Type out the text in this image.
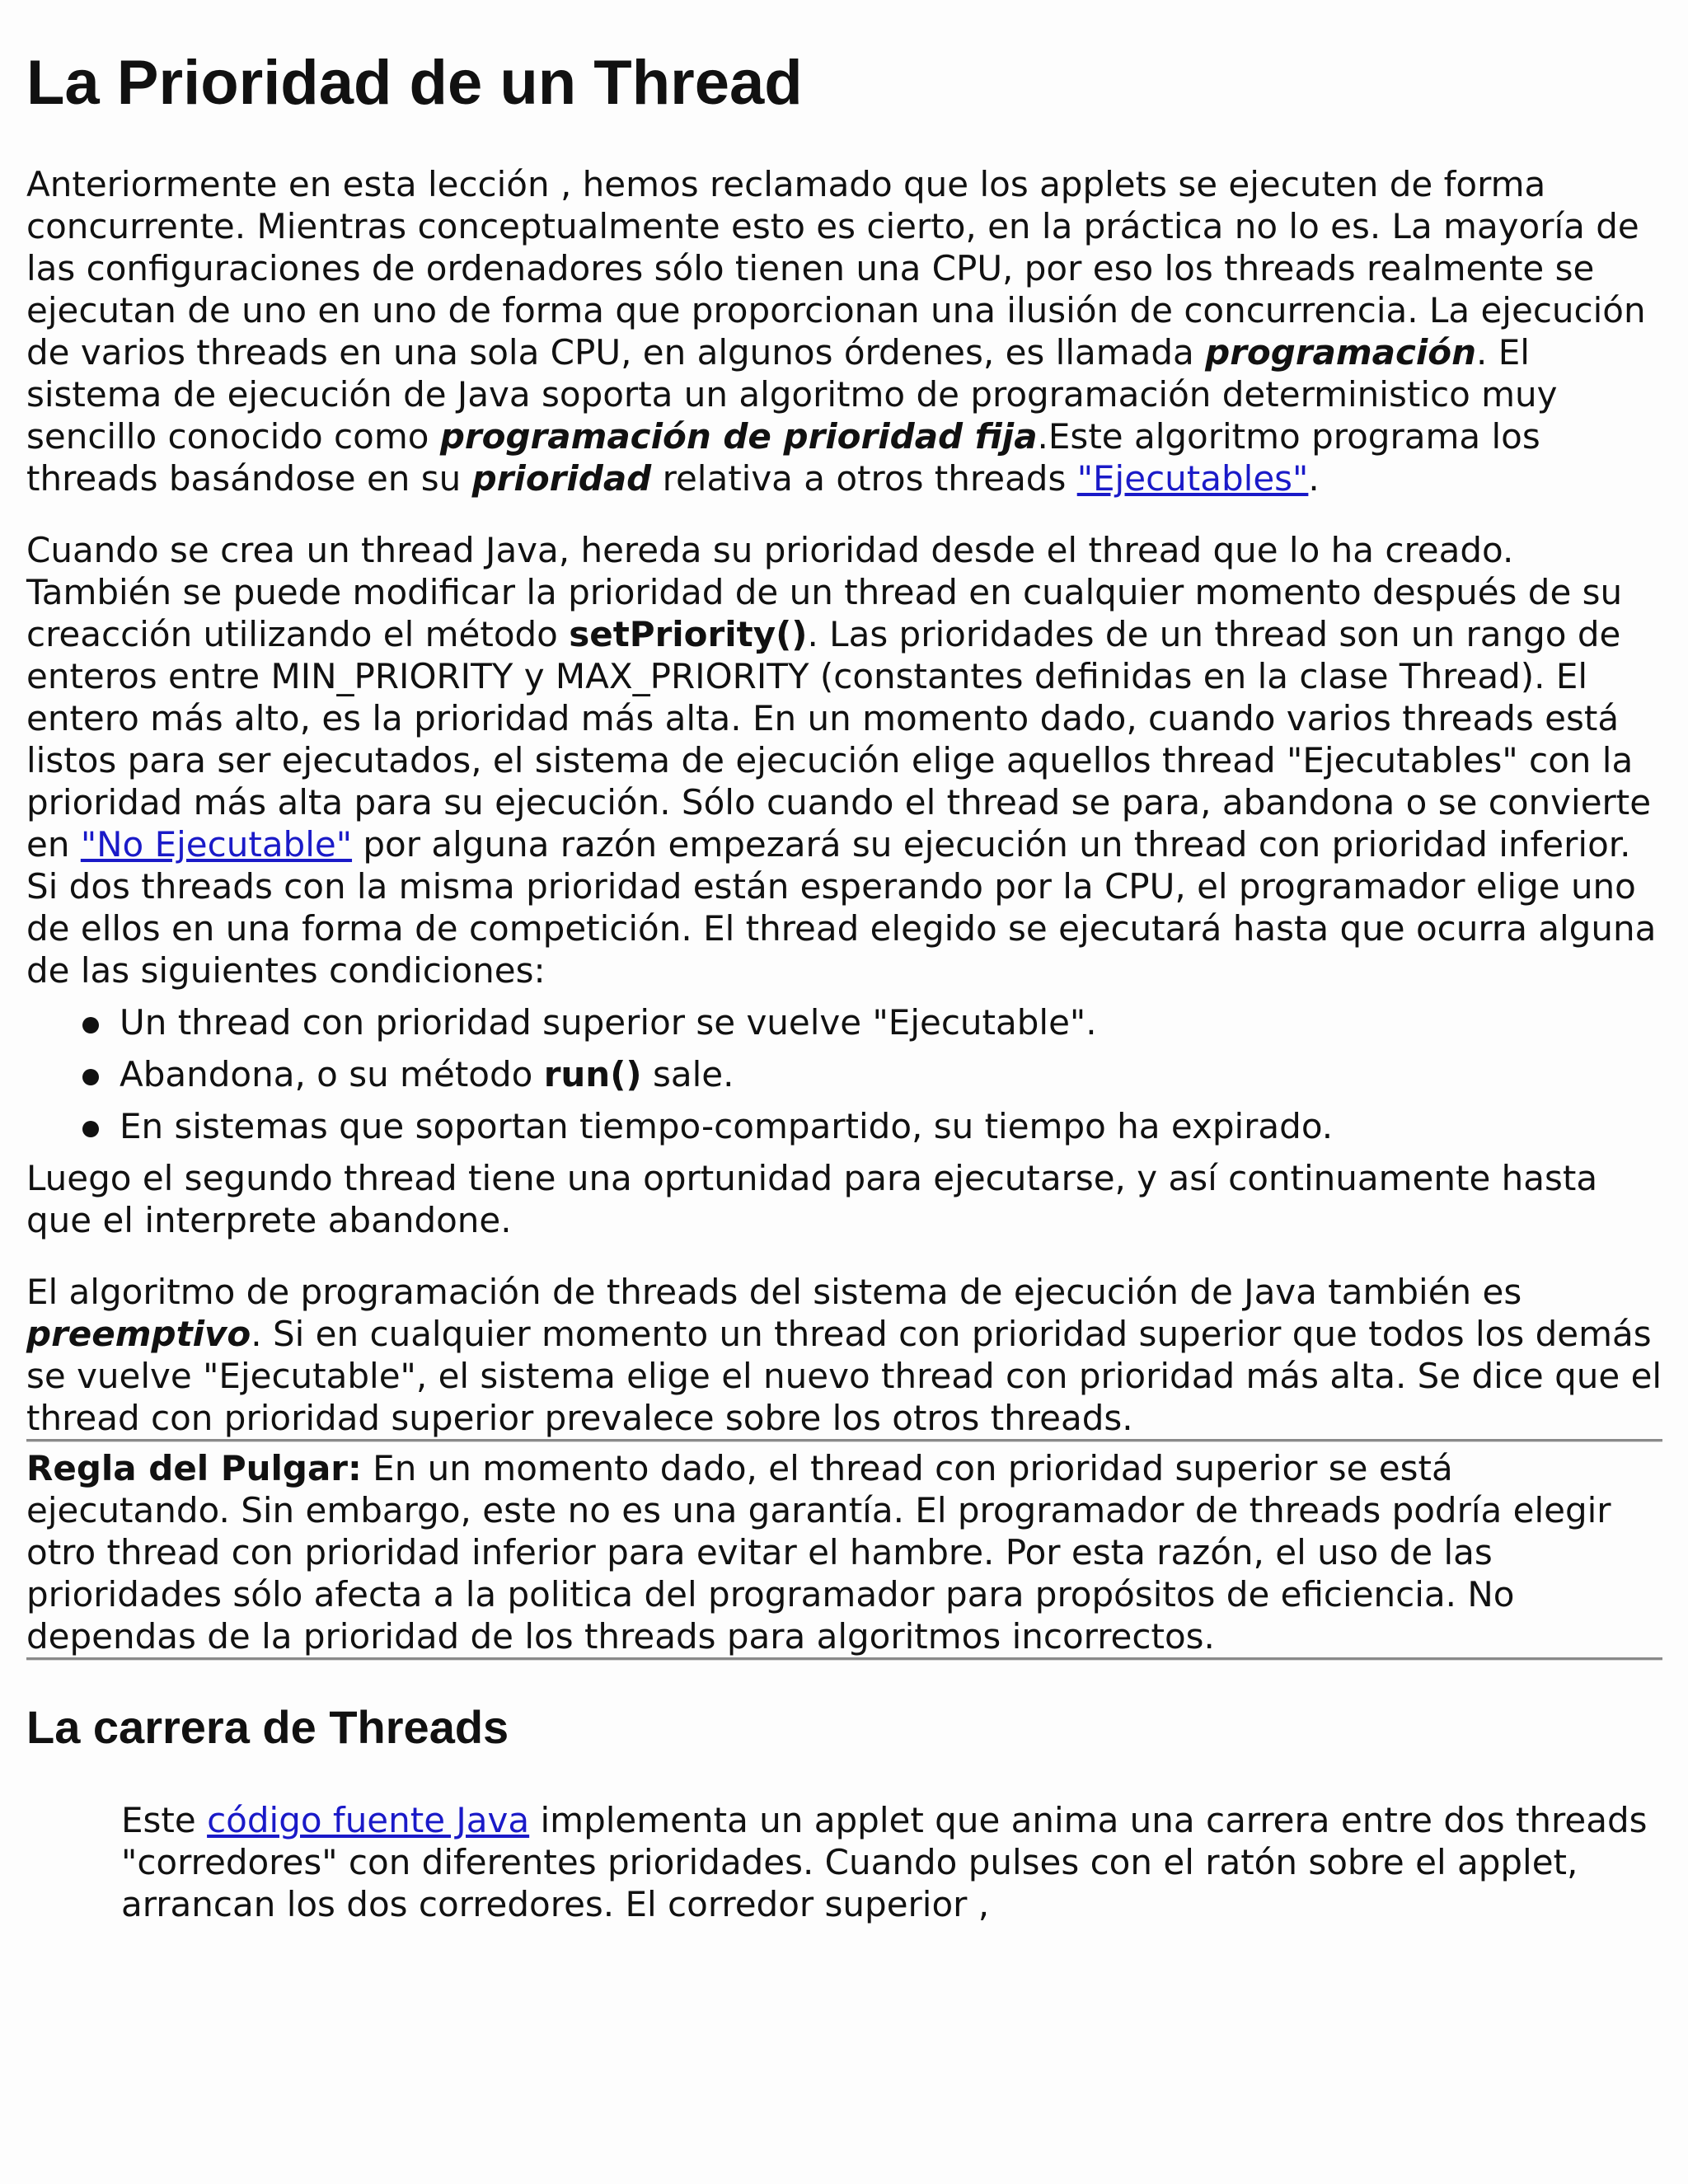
La Prioridad de un Thread

Anteriormente en esta lección , hemos reclamado que los applets se ejecuten de forma concurrente. Mientras conceptualmente esto es cierto, en la práctica no lo es. La mayoría de las configuraciones de ordenadores sólo tienen una CPU, por eso los threads realmente se ejecutan de uno en uno de forma que proporcionan una ilusión de concurrencia. La ejecución de varios threads en una sola CPU, en algunos órdenes, es llamada programación. El sistema de ejecución de Java soporta un algoritmo de programación deterministico muy sencillo conocido como programación de prioridad fija.Este algoritmo programa los threads basándose en su prioridad relativa a otros threads "Ejecutables".

Cuando se crea un thread Java, hereda su prioridad desde el thread que lo ha creado. También se puede modificar la prioridad de un thread en cualquier momento después de su creacción utilizando el método setPriority(). Las prioridades de un thread son un rango de enteros entre MIN_PRIORITY y MAX_PRIORITY (constantes definidas en la clase Thread). El entero más alto, es la prioridad más alta. En un momento dado, cuando varios threads está listos para ser ejecutados, el sistema de ejecución elige aquellos thread "Ejecutables" con la prioridad más alta para su ejecución. Sólo cuando el thread se para, abandona o se convierte en "No Ejecutable" por alguna razón empezará su ejecución un thread con prioridad inferior. Si dos threads con la misma prioridad están esperando por la CPU, el programador elige uno de ellos en una forma de competición. El thread elegido se ejecutará hasta que ocurra alguna de las siguientes condiciones:

Un thread con prioridad superior se vuelve "Ejecutable".
Abandona, o su método run() sale.
En sistemas que soportan tiempo-compartido, su tiempo ha expirado.

Luego el segundo thread tiene una oprtunidad para ejecutarse, y así continuamente hasta que el interprete abandone.

El algoritmo de programación de threads del sistema de ejecución de Java también es preemptivo. Si en cualquier momento un thread con prioridad superior que todos los demás se vuelve "Ejecutable", el sistema elige el nuevo thread con prioridad más alta. Se dice que el thread con prioridad superior prevalece sobre los otros threads.

Regla del Pulgar: En un momento dado, el thread con prioridad superior se está ejecutando. Sin embargo, este no es una garantía. El programador de threads podría elegir otro thread con prioridad inferior para evitar el hambre. Por esta razón, el uso de las prioridades sólo afecta a la politica del programador para propósitos de eficiencia. No dependas de la prioridad de los threads para algoritmos incorrectos.

La carrera de Threads

Este código fuente Java implementa un applet que anima una carrera entre dos threads "corredores" con diferentes prioridades. Cuando pulses con el ratón sobre el applet, arrancan los dos corredores. El corredor superior ,
